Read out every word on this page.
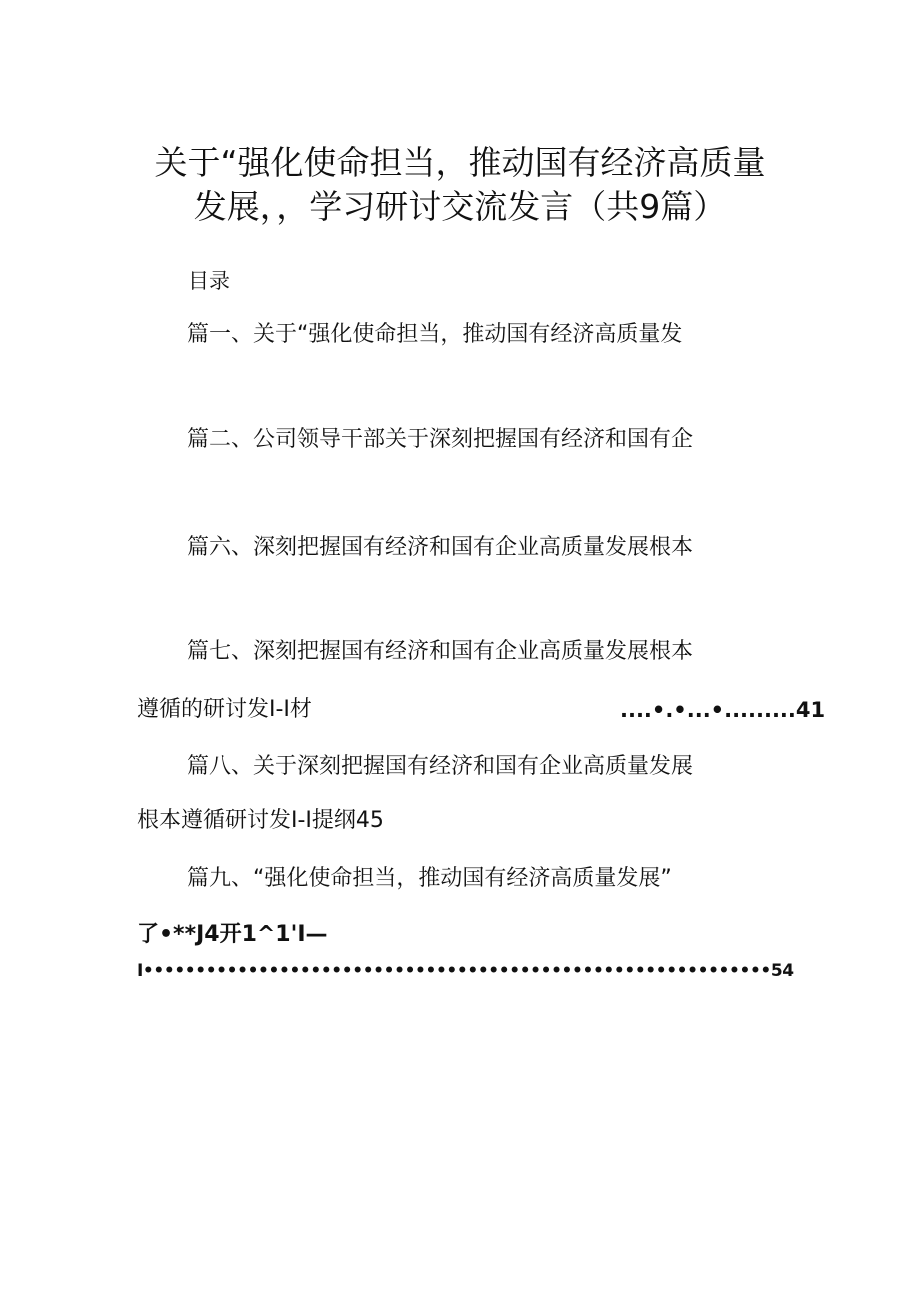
关于“强化使命担当，推动国有经济高质量
发展，，学习研讨交流发言（共9篇）
目录
篇一、关于“强化使命担当，推动国有经济高质量发
篇二、公司领导干部关于深刻把握国有经济和国有企
篇六、深刻把握国有经济和国有企业高质量发展根本
篇七、深刻把握国有经济和国有企业高质量发展根本
遵循的研讨发I-I材	....•.•...•.........41
篇八、关于深刻把握国有经济和国有企业高质量发展
根本遵循研讨发I-I提纲45
篇九、“强化使命担当，推动国有经济高质量发展”
了•**J4开1^1'I—
I••••••••••••••••••••••••••••••••••••••••••••••••••••••••••••54
